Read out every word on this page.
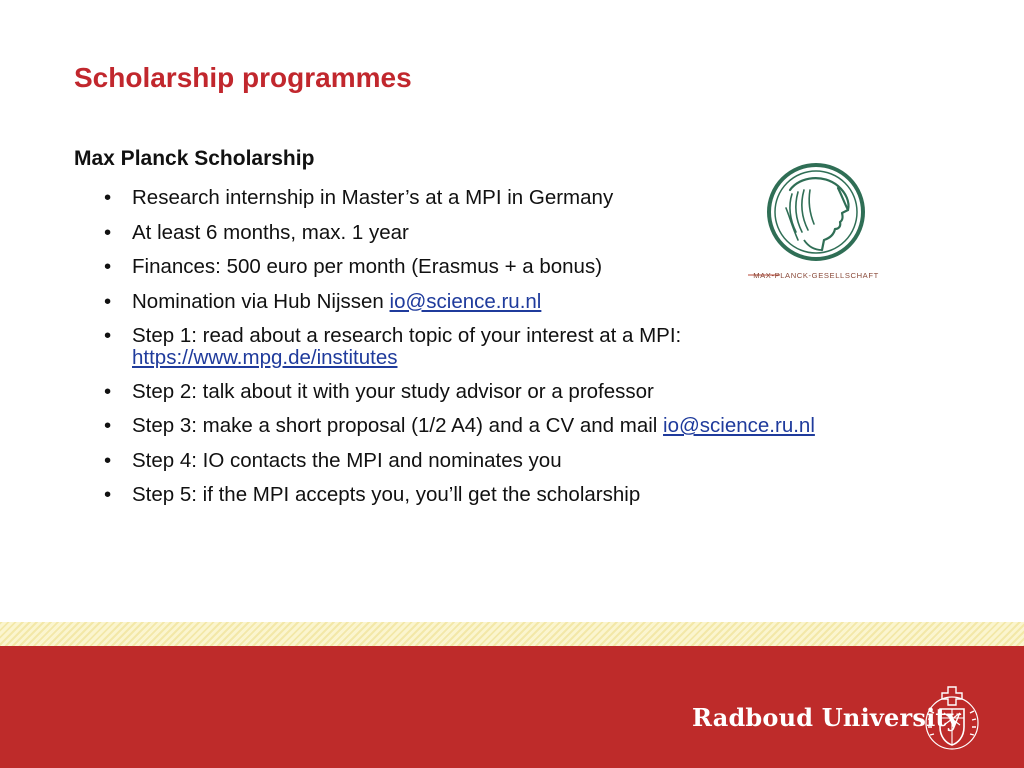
Scholarship programmes
Max Planck Scholarship
• Research internship in Master’s at a MPI in Germany
• At least 6 months, max. 1 year
• Finances: 500 euro per month (Erasmus + a bonus)
• Nomination via Hub Nijssen io@science.ru.nl
• Step 1: read about a research topic of your interest at a MPI:
https://www.mpg.de/institutes
• Step 2: talk about it with your study advisor or a professor
• Step 3: make a short proposal (1/2 A4) and a CV and mail io@science.ru.nl
• Step 4: IO contacts the MPI and nominates you
• Step 5: if the MPI accepts you, you’ll get the scholarship
MAX-PLANCK-GESELLSCHAFT
Radboud University
